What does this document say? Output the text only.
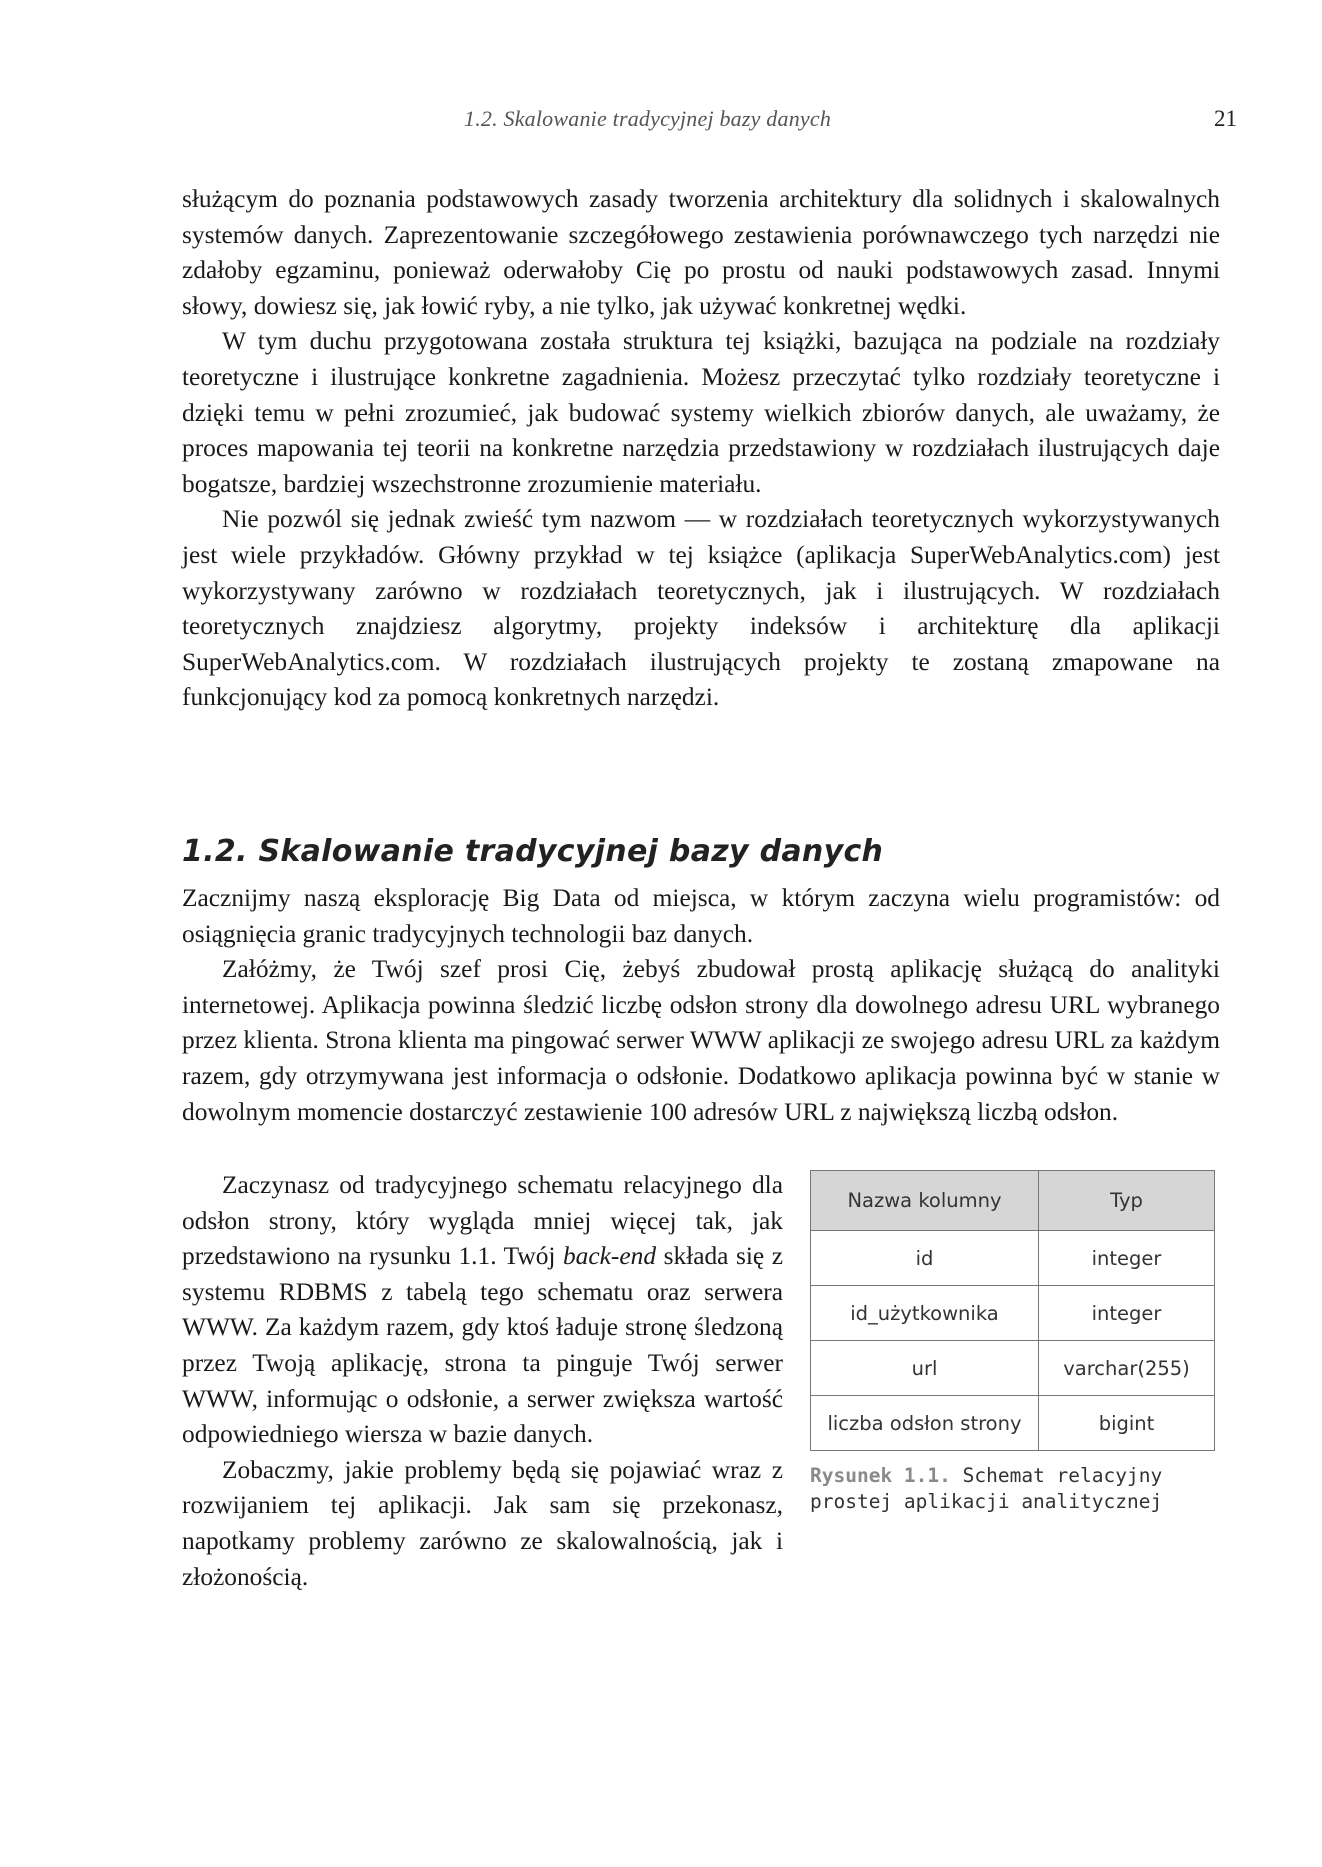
1.2. Skalowanie tradycyjnej bazy danych	21

służącym do poznania podstawowych zasady tworzenia architektury dla solidnych i skalowalnych systemów danych. Zaprezentowanie szczegółowego zestawienia porównawczego tych narzędzi nie zdałoby egzaminu, ponieważ oderwałoby Cię po prostu od nauki podstawowych zasad. Innymi słowy, dowiesz się, jak łowić ryby, a nie tylko, jak używać konkretnej wędki.

W tym duchu przygotowana została struktura tej książki, bazująca na podziale na rozdziały teoretyczne i ilustrujące konkretne zagadnienia. Możesz przeczytać tylko rozdziały teoretyczne i dzięki temu w pełni zrozumieć, jak budować systemy wielkich zbiorów danych, ale uważamy, że proces mapowania tej teorii na konkretne narzędzia przedstawiony w rozdziałach ilustrujących daje bogatsze, bardziej wszechstronne zrozumienie materiału.

Nie pozwól się jednak zwieść tym nazwom — w rozdziałach teoretycznych wykorzystywanych jest wiele przykładów. Główny przykład w tej książce (aplikacja SuperWebAnalytics.com) jest wykorzystywany zarówno w rozdziałach teoretycznych, jak i ilustrujących. W rozdziałach teoretycznych znajdziesz algorytmy, projekty indeksów i architekturę dla aplikacji SuperWebAnalytics.com. W rozdziałach ilustrujących projekty te zostaną zmapowane na funkcjonujący kod za pomocą konkretnych narzędzi.

1.2. Skalowanie tradycyjnej bazy danych

Zacznijmy naszą eksplorację Big Data od miejsca, w którym zaczyna wielu programistów: od osiągnięcia granic tradycyjnych technologii baz danych.

Załóżmy, że Twój szef prosi Cię, żebyś zbudował prostą aplikację służącą do analityki internetowej. Aplikacja powinna śledzić liczbę odsłon strony dla dowolnego adresu URL wybranego przez klienta. Strona klienta ma pingować serwer WWW aplikacji ze swojego adresu URL za każdym razem, gdy otrzymywana jest informacja o odsłonie. Dodatkowo aplikacja powinna być w stanie w dowolnym momencie dostarczyć zestawienie 100 adresów URL z największą liczbą odsłon.

Zaczynasz od tradycyjnego schematu relacyjnego dla odsłon strony, który wygląda mniej więcej tak, jak przedstawiono na rysunku 1.1. Twój back-end składa się z systemu RDBMS z tabelą tego schematu oraz serwera WWW. Za każdym razem, gdy ktoś ładuje stronę śledzoną przez Twoją aplikację, strona ta pinguje Twój serwer WWW, informując o odsłonie, a serwer zwiększa wartość odpowiedniego wiersza w bazie danych.

Zobaczmy, jakie problemy będą się pojawiać wraz z rozwijaniem tej aplikacji. Jak sam się przekonasz, napotkamy problemy zarówno ze skalowalnością, jak i złożonością.

Nazwa kolumny	Typ
id	integer
id_użytkownika	integer
url	varchar(255)
liczba odsłon strony	bigint
Rysunek 1.1. Schemat relacyjny prostej aplikacji analitycznej
